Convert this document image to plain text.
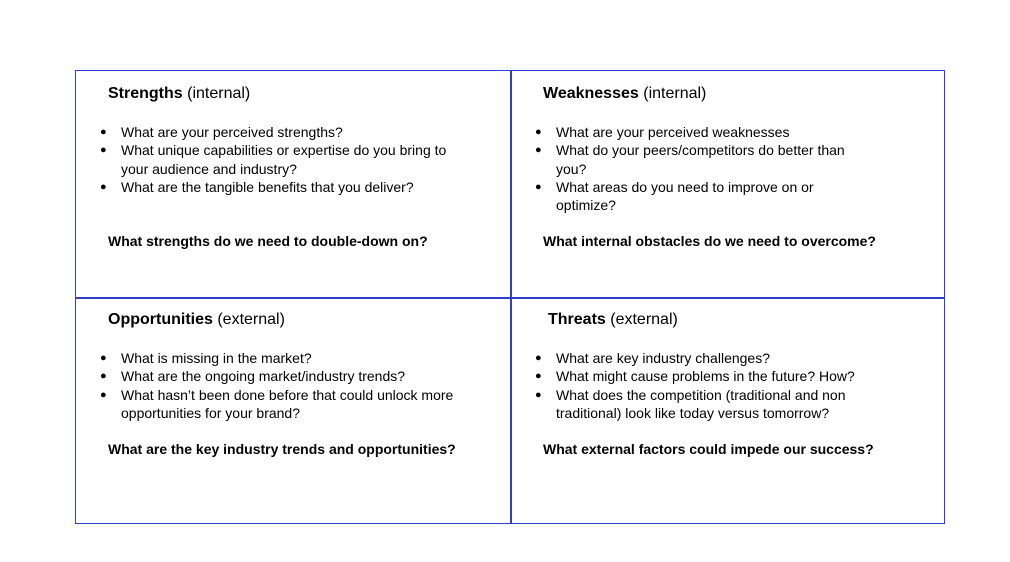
Strengths (internal)
● What are your perceived strengths?
● What unique capabilities or expertise do you bring to your audience and industry?
● What are the tangible benefits that you deliver?
What strengths do we need to double-down on?
Weaknesses (internal)
● What are your perceived weaknesses
● What do your peers/competitors do better than you?
● What areas do you need to improve on or optimize?
What internal obstacles do we need to overcome?
Opportunities (external)
● What is missing in the market?
● What are the ongoing market/industry trends?
● What hasn’t been done before that could unlock more opportunities for your brand?
What are the key industry trends and opportunities?
Threats (external)
● What are key industry challenges?
● What might cause problems in the future? How?
● What does the competition (traditional and non traditional) look like today versus tomorrow?
What external factors could impede our success?
